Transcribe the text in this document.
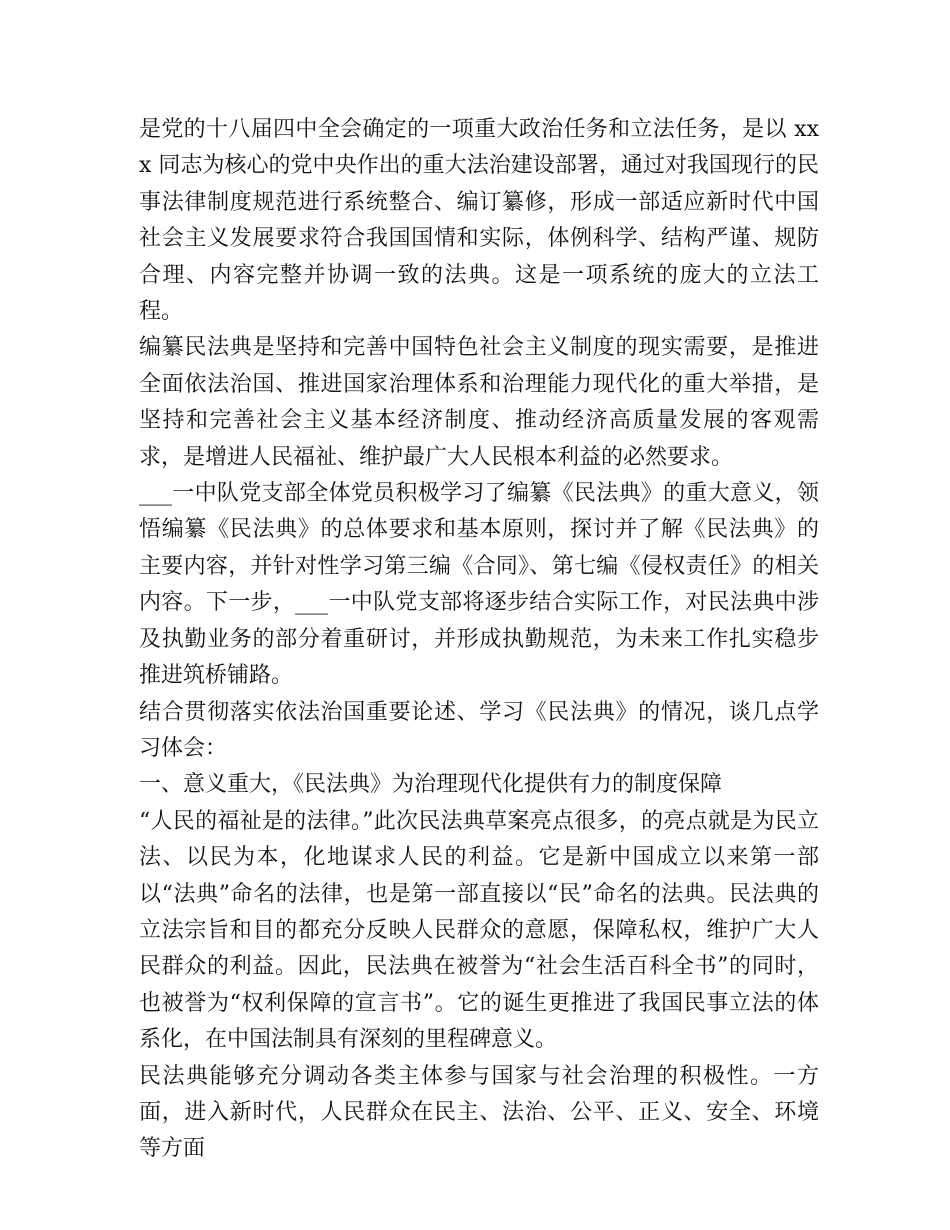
是党的十八届四中全会确定的一项重大政治任务和立法任务，是以 xxx 同志为核心的党中央作出的重大法治建设部署，通过对我国现行的民事法律制度规范进行系统整合、编订纂修，形成一部适应新时代中国社会主义发展要求符合我国国情和实际，体例科学、结构严谨、规防合理、内容完整并协调一致的法典。这是一项系统的庞大的立法工程。

编纂民法典是坚持和完善中国特色社会主义制度的现实需要，是推进全面依法治国、推进国家治理体系和治理能力现代化的重大举措，是坚持和完善社会主义基本经济制度、推动经济高质量发展的客观需求，是增进人民福祉、维护最广大人民根本利益的必然要求。

___一中队党支部全体党员积极学习了编纂《民法典》的重大意义，领悟编纂《民法典》的总体要求和基本原则，探讨并了解《民法典》的主要内容，并针对性学习第三编《合同》、第七编《侵权责任》的相关内容。下一步，___一中队党支部将逐步结合实际工作，对民法典中涉及执勤业务的部分着重研讨，并形成执勤规范，为未来工作扎实稳步推进筑桥铺路。

结合贯彻落实依法治国重要论述、学习《民法典》的情况，谈几点学习体会：

一、意义重大，《民法典》为治理现代化提供有力的制度保障

“人民的福祉是的法律。”此次民法典草案亮点很多，的亮点就是为民立法、以民为本，化地谋求人民的利益。它是新中国成立以来第一部以“法典”命名的法律，也是第一部直接以“民”命名的法典。民法典的立法宗旨和目的都充分反映人民群众的意愿，保障私权，维护广大人民群众的利益。因此，民法典在被誉为“社会生活百科全书”的同时，也被誉为“权利保障的宣言书”。它的诞生更推进了我国民事立法的体系化，在中国法制具有深刻的里程碑意义。

民法典能够充分调动各类主体参与国家与社会治理的积极性。一方面，进入新时代，人民群众在民主、法治、公平、正义、安全、环境等方面
